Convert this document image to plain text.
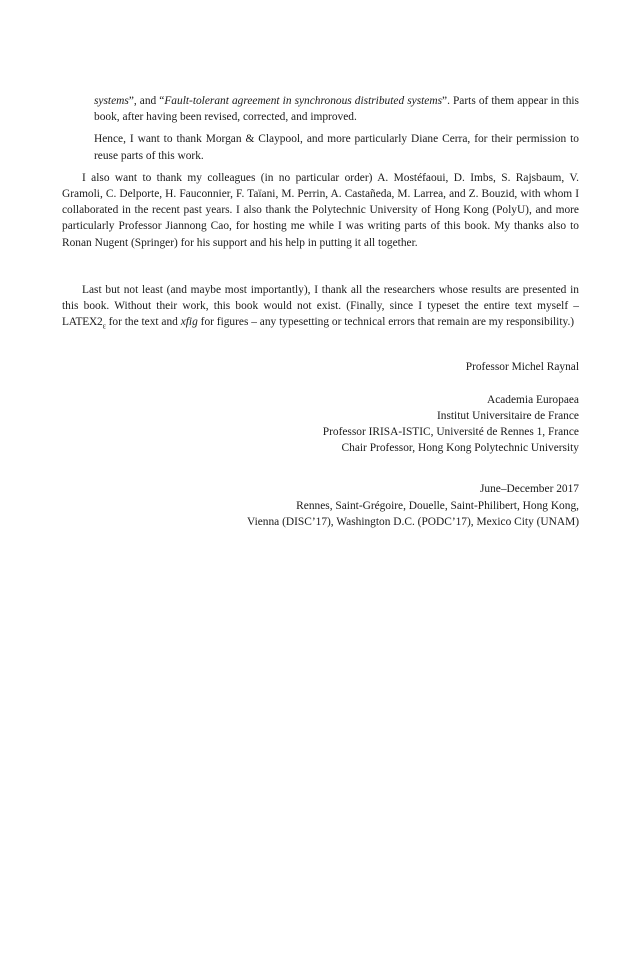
systems”, and “Fault-tolerant agreement in synchronous distributed systems”. Parts of them appear in this book, after having been revised, corrected, and improved.

Hence, I want to thank Morgan & Claypool, and more particularly Diane Cerra, for their permission to reuse parts of this work.

I also want to thank my colleagues (in no particular order) A. Mostéfaoui, D. Imbs, S. Rajsbaum, V. Gramoli, C. Delporte, H. Fauconnier, F. Taïani, M. Perrin, A. Castañeda, M. Larrea, and Z. Bouzid, with whom I collaborated in the recent past years. I also thank the Polytechnic University of Hong Kong (PolyU), and more particularly Professor Jiannong Cao, for hosting me while I was writing parts of this book. My thanks also to Ronan Nugent (Springer) for his support and his help in putting it all together.

Last but not least (and maybe most importantly), I thank all the researchers whose results are presented in this book. Without their work, this book would not exist. (Finally, since I typeset the entire text myself – $LATEX2_\varepsilon$ for the text and xfig for figures – any typesetting or technical errors that remain are my responsibility.)

Professor Michel Raynal
Academia Europaea
Institut Universitaire de France
Professor IRISA-ISTIC, Université de Rennes 1, France
Chair Professor, Hong Kong Polytechnic University
June–December 2017
Rennes, Saint-Grégoire, Douelle, Saint-Philibert, Hong Kong,
Vienna (DISC’17), Washington D.C. (PODC’17), Mexico City (UNAM)
